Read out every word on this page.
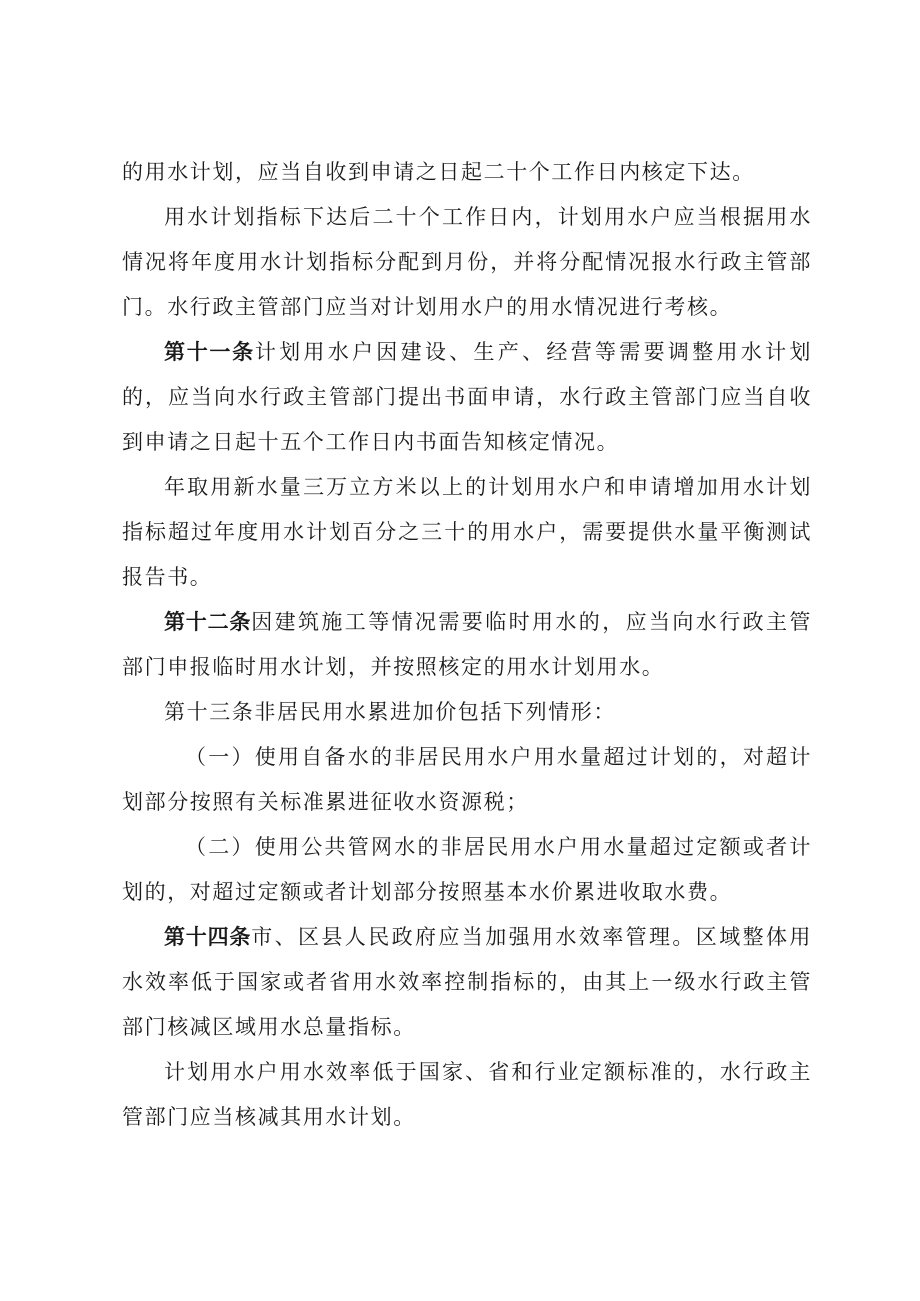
的用水计划，应当自收到申请之日起二十个工作日内核定下达。

用水计划指标下达后二十个工作日内，计划用水户应当根据用水情况将年度用水计划指标分配到月份，并将分配情况报水行政主管部门。水行政主管部门应当对计划用水户的用水情况进行考核。

第十一条计划用水户因建设、生产、经营等需要调整用水计划的，应当向水行政主管部门提出书面申请，水行政主管部门应当自收到申请之日起十五个工作日内书面告知核定情况。

年取用新水量三万立方米以上的计划用水户和申请增加用水计划指标超过年度用水计划百分之三十的用水户，需要提供水量平衡测试报告书。

第十二条因建筑施工等情况需要临时用水的，应当向水行政主管部门申报临时用水计划，并按照核定的用水计划用水。

第十三条非居民用水累进加价包括下列情形：

（一）使用自备水的非居民用水户用水量超过计划的，对超计划部分按照有关标准累进征收水资源税；

（二）使用公共管网水的非居民用水户用水量超过定额或者计划的，对超过定额或者计划部分按照基本水价累进收取水费。

第十四条市、区县人民政府应当加强用水效率管理。区域整体用水效率低于国家或者省用水效率控制指标的，由其上一级水行政主管部门核减区域用水总量指标。

计划用水户用水效率低于国家、省和行业定额标准的，水行政主管部门应当核减其用水计划。
